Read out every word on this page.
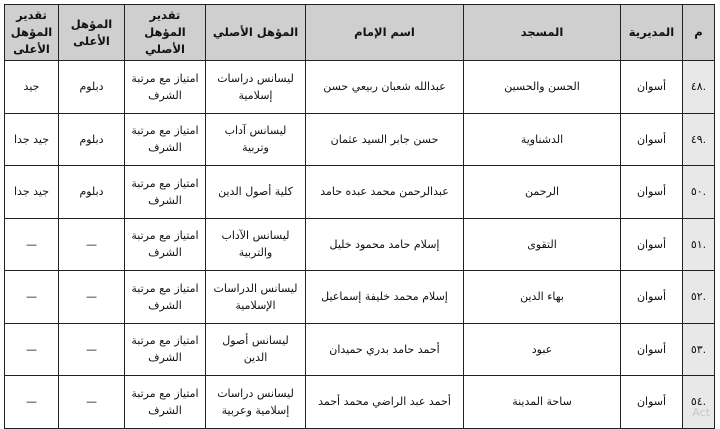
م	المديرية	المسجد	اسم الإمام	المؤهل الأصلي	تقدير المؤهل الأصلي	المؤهل الأعلى	تقدير المؤهل الأعلى
.٤٨	أسوان	الحسن والحسين	عبدالله شعبان ربيعي حسن	ليسانس دراسات إسلامية	امتياز مع مرتبة الشرف	دبلوم	جيد
.٤٩	أسوان	الدشناوية	حسن جابر السيد عثمان	ليسانس آداب وتربية	امتياز مع مرتبة الشرف	دبلوم	جيد جدا
.٥٠	أسوان	الرحمن	عبدالرحمن محمد عبده حامد	كلية أصول الدين	امتياز مع مرتبة الشرف	دبلوم	جيد جدا
.٥١	أسوان	التقوى	إسلام حامد محمود خليل	ليسانس الآداب والتربية	امتياز مع مرتبة الشرف	—	—
.٥٢	أسوان	بهاء الدين	إسلام محمد خليفة إسماعيل	ليسانس الدراسات الإسلامية	امتياز مع مرتبة الشرف	—	—
.٥٣	أسوان	عبود	أحمد حامد بدري حميدان	ليسانس أصول الدين	امتياز مع مرتبة الشرف	—	—
.٥٤	أسوان	ساحة المدينة	أحمد عبد الراضي محمد أحمد	ليسانس دراسات إسلامية وعربية	امتياز مع مرتبة الشرف	—	—
Act
